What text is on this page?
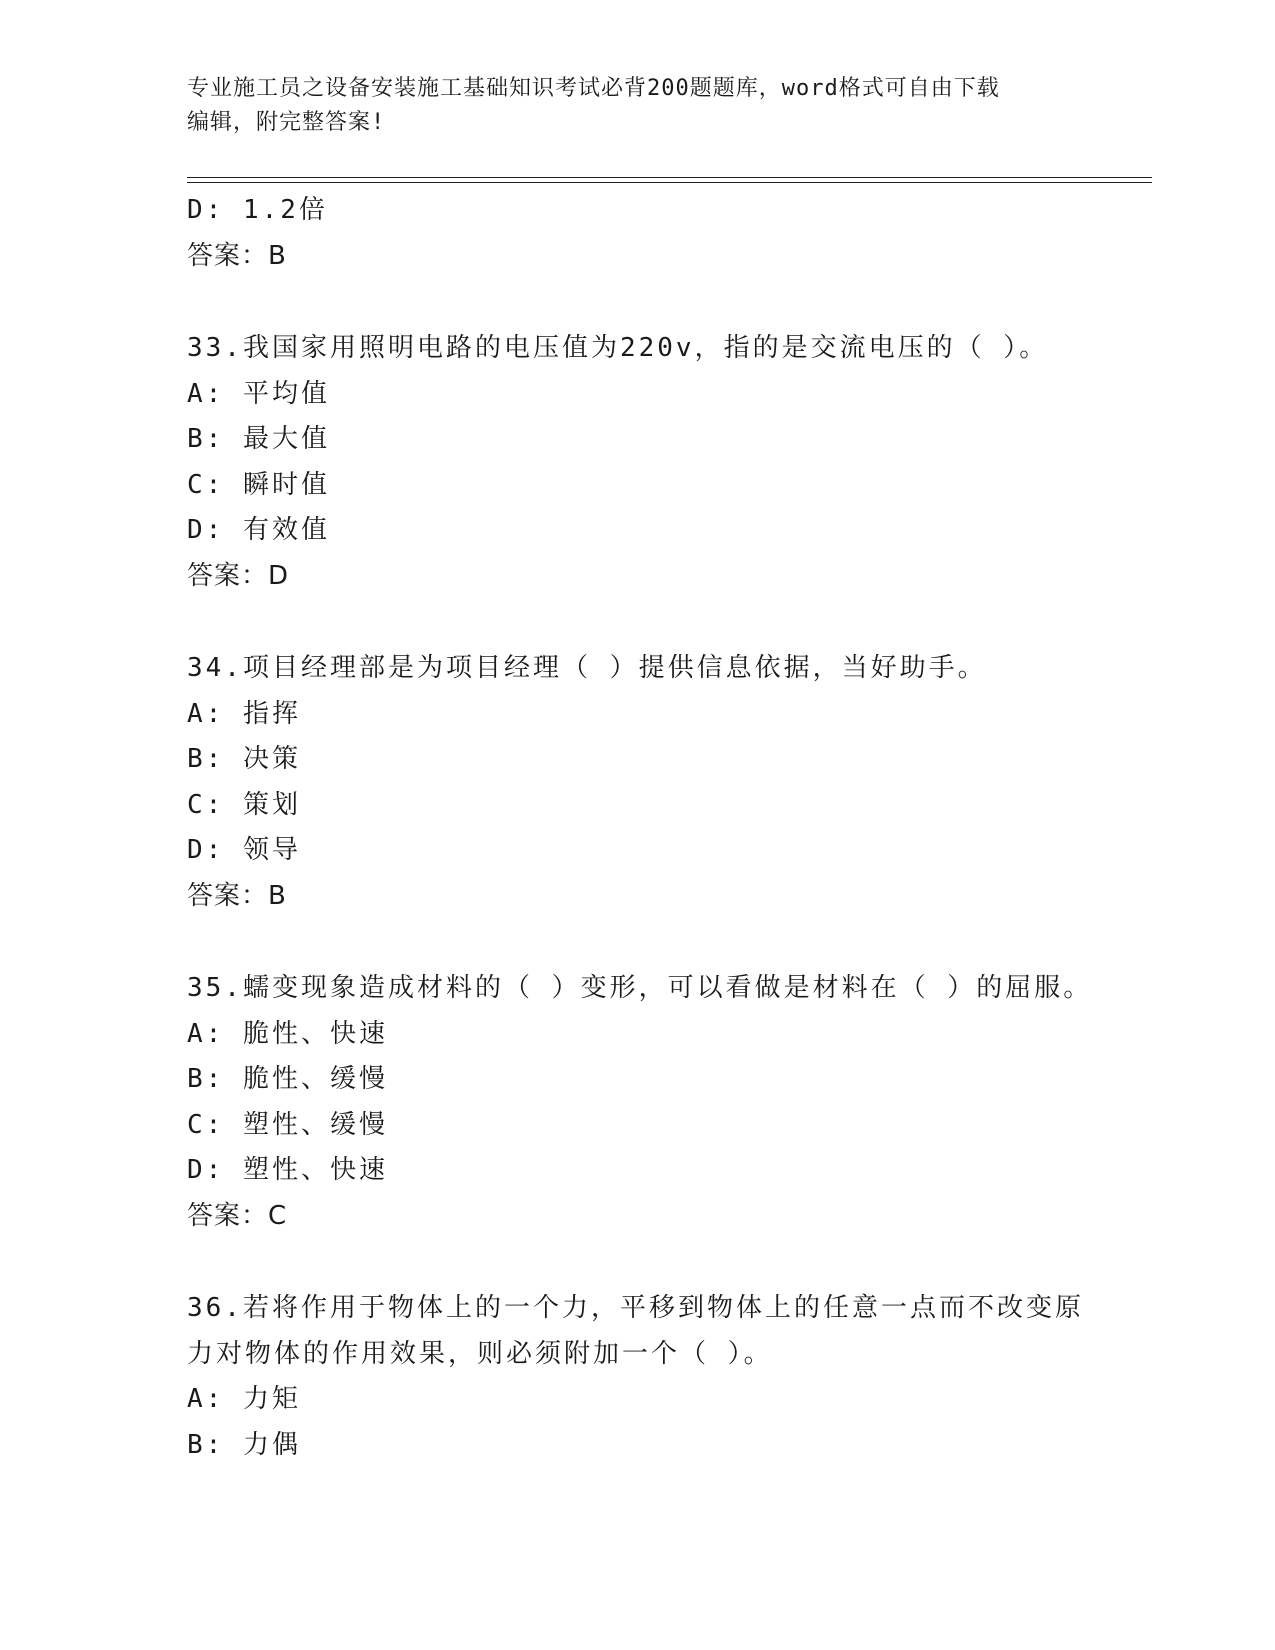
专业施工员之设备安装施工基础知识考试必背200题题库，word格式可自由下载
编辑，附完整答案!
D: 1.2倍
答案：B
33.我国家用照明电路的电压值为220v，指的是交流电压的（ ）。
A: 平均值
B: 最大值
C: 瞬时值
D: 有效值
答案：D
34.项目经理部是为项目经理（ ）提供信息依据，当好助手。
A: 指挥
B: 决策
C: 策划
D: 领导
答案：B
35.蠕变现象造成材料的（ ）变形，可以看做是材料在（ ）的屈服。
A: 脆性、快速
B: 脆性、缓慢
C: 塑性、缓慢
D: 塑性、快速
答案：C
36.若将作用于物体上的一个力，平移到物体上的任意一点而不改变原
力对物体的作用效果，则必须附加一个（ ）。
A: 力矩
B: 力偶
